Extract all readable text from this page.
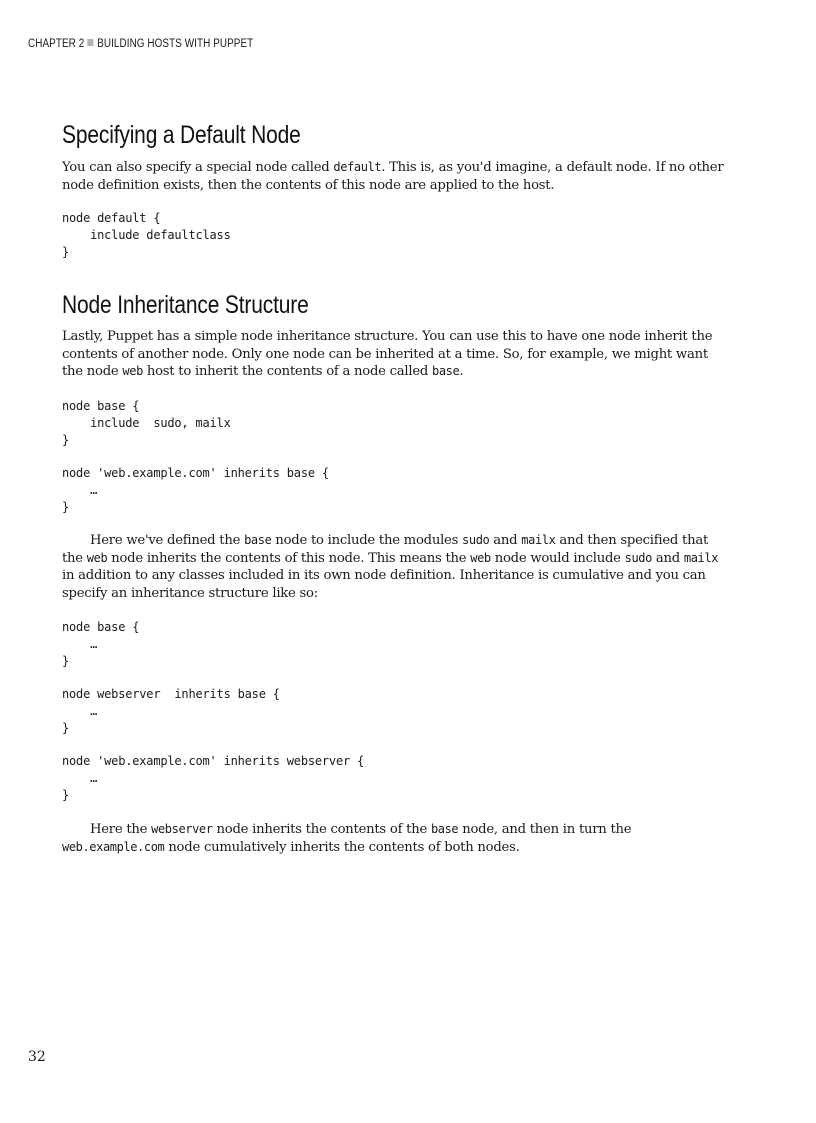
CHAPTER 2 BUILDING HOSTS WITH PUPPET
Specifying a Default Node

You can also specify a special node called default. This is, as you'd imagine, a default node. If no other node definition exists, then the contents of this node are applied to the host.

node default {
include defaultclass
}
Node Inheritance Structure

Lastly, Puppet has a simple node inheritance structure. You can use this to have one node inherit the contents of another node. Only one node can be inherited at a time. So, for example, we might want the node web host to inherit the contents of a node called base.

node base {
include  sudo, mailx
}

node 'web.example.com' inherits base {
…
}

Here we've defined the base node to include the modules sudo and mailx and then specified that the web node inherits the contents of this node. This means the web node would include sudo and mailx in addition to any classes included in its own node definition. Inheritance is cumulative and you can specify an inheritance structure like so:

node base {
…
}

node webserver  inherits base {
…
}

node 'web.example.com' inherits webserver {
…
}

Here the webserver node inherits the contents of the base node, and then in turn the web.example.com node cumulatively inherits the contents of both nodes.

32
